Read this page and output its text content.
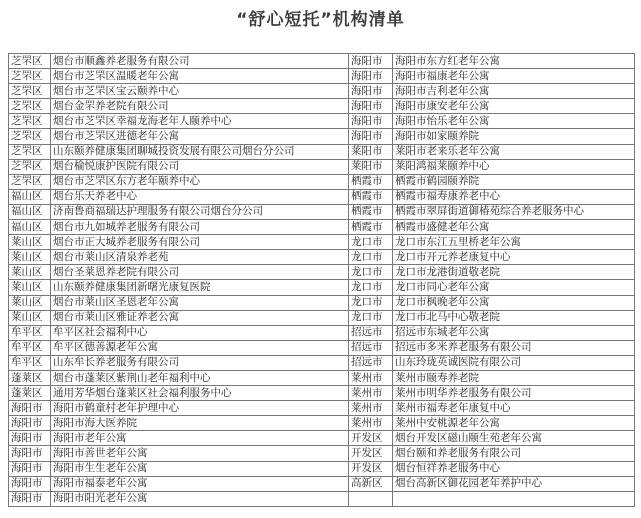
“舒心短托”机构清单
芝罘区	烟台市顺鑫养老服务有限公司	海阳市	海阳市东方红老年公寓
芝罘区	烟台市芝罘区温暖老年公寓	海阳市	海阳市福康老年公寓
芝罘区	烟台市芝罘区宝云颐养中心	海阳市	海阳市吉利老年公寓
芝罘区	烟台金罘养老院有限公司	海阳市	海阳市康安老年公寓
芝罘区	烟台市芝罘区幸福龙海老年人颐养中心	海阳市	海阳市怡乐老年公寓
芝罘区	烟台市芝罘区进德老年公寓	海阳市	海阳市如家颐养院
芝罘区	山东颐养健康集团聊城投资发展有限公司烟台分公司	莱阳市	莱阳市老来乐老年公寓
芝罘区	烟台榆悦康护医院有限公司	莱阳市	莱阳鸿福莱颐养中心
芝罘区	烟台市芝罘区东方老年颐养中心	栖霞市	栖霞市鹤园颐养院
福山区	烟台乐天养老中心	栖霞市	栖霞市福寿康养老中心
福山区	济南鲁商福瑞达护理服务有限公司烟台分公司	栖霞市	栖霞市翠屏街道御椿苑综合养老服务中心
福山区	烟台市九如城养老服务有限公司	栖霞市	栖霞市盛健老年公寓
莱山区	烟台市正大城养老服务有限公司	龙口市	龙口市东江五里桥老年公寓
莱山区	烟台市莱山区清泉养老苑	龙口市	龙口市开元养老康复中心
莱山区	烟台圣莱恩养老院有限公司	龙口市	龙口市龙港街道敬老院
莱山区	山东颐养健康集团新曙光康复医院	龙口市	龙口市同心老年公寓
莱山区	烟台市莱山区圣恩老年公寓	龙口市	龙口市枫晚老年公寓
莱山区	烟台市莱山区雅证养老公寓	龙口市	龙口市北马中心敬老院
牟平区	牟平区社会福利中心	招远市	招远市东城老年公寓
牟平区	牟平区德善源老年公寓	招远市	招远市多米养老服务有限公司
牟平区	山东牟长养老服务有限公司	招远市	山东玲珑英诚医院有限公司
蓬莱区	烟台市蓬莱区紫荆山老年福利中心	莱州市	莱州市颐寿养老院
蓬莱区	通用芳华烟台蓬莱区社会福利服务中心	莱州市	莱州市明华养老服务有限公司
海阳市	海阳市鹤童村老年护理中心	莱州市	莱州市福寿老年康复中心
海阳市	海阳市海大医养院	莱州市	莱州中安桃源老年公寓
海阳市	海阳市老年公寓	开发区	烟台开发区磁山颐生苑老年公寓
海阳市	海阳市善世老年公寓	开发区	烟台颐和养老服务有限公司
海阳市	海阳市生生老年公寓	开发区	烟台恒祥养老服务中心
海阳市	海阳市福泰老年公寓	高新区	烟台高新区御花园老年养护中心
海阳市	海阳市阳光老年公寓		
